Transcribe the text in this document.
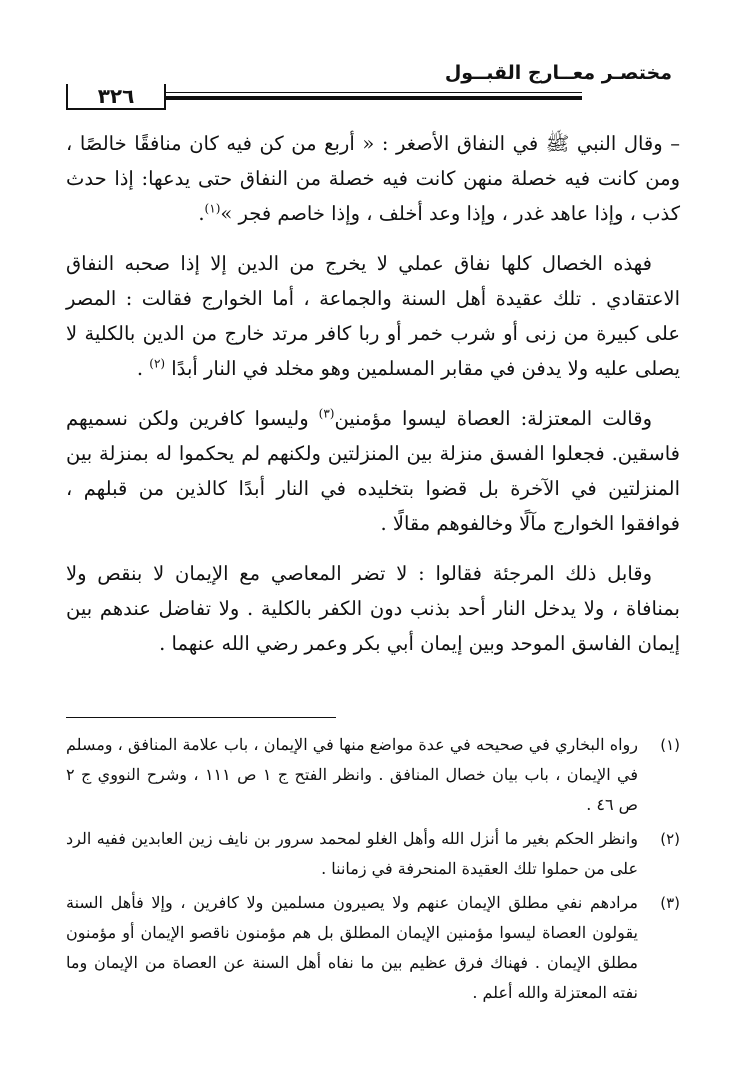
مختصـر معــارج القبــول
٣٢٦

– وقال النبي ﷺ في النفاق الأصغر : « أربع من كن فيه كان منافقًا خالصًا ، ومن كانت فيه خصلة منهن كانت فيه خصلة من النفاق حتى يدعها: إذا حدث كذب ، وإذا عاهد غدر ، وإذا وعد أخلف ، وإذا خاصم فجر »$^{(١)}$.

فهذه الخصال كلها نفاق عملي لا يخرج من الدين إلا إذا صحبه النفاق الاعتقادي . تلك عقيدة أهل السنة والجماعة ، أما الخوارج فقالت : المصر على كبيرة من زنى أو شرب خمر أو ربا كافر مرتد خارج من الدين بالكلية لا يصلى عليه ولا يدفن في مقابر المسلمين وهو مخلد في النار أبدًا $^{(٢)}$ .

وقالت المعتزلة: العصاة ليسوا مؤمنين$^{(٣)}$ وليسوا كافرين ولكن نسميهم فاسقين. فجعلوا الفسق منزلة بين المنزلتين ولكنهم لم يحكموا له بمنزلة بين المنزلتين في الآخرة بل قضوا بتخليده في النار أبدًا كالذين من قبلهم ، فوافقوا الخوارج مآلًا وخالفوهم مقالًا .

وقابل ذلك المرجئة فقالوا : لا تضر المعاصي مع الإيمان لا بنقص ولا بمنافاة ، ولا يدخل النار أحد بذنب دون الكفر بالكلية . ولا تفاضل عندهم بين إيمان الفاسق الموحد وبين إيمان أبي بكر وعمر رضي الله عنهما .

(١)
رواه البخاري في صحيحه في عدة مواضع منها في الإيمان ، باب علامة المنافق ، ومسلم في الإيمان ، باب بيان خصال المنافق . وانظر الفتح ج ١ ص ١١١ ، وشرح النووي ج ٢ ص ٤٦ .
(٢)
وانظر الحكم بغير ما أنزل الله وأهل الغلو لمحمد سرور بن نايف زين العابدين ففيه الرد على من حملوا تلك العقيدة المنحرفة في زماننا .
(٣)
مرادهم نفي مطلق الإيمان عنهم ولا يصيرون مسلمين ولا كافرين ، وإلا فأهل السنة يقولون العصاة ليسوا مؤمنين الإيمان المطلق بل هم مؤمنون ناقصو الإيمان أو مؤمنون مطلق الإيمان . فهناك فرق عظيم بين ما نفاه أهل السنة عن العصاة من الإيمان وما نفته المعتزلة والله أعلم .
